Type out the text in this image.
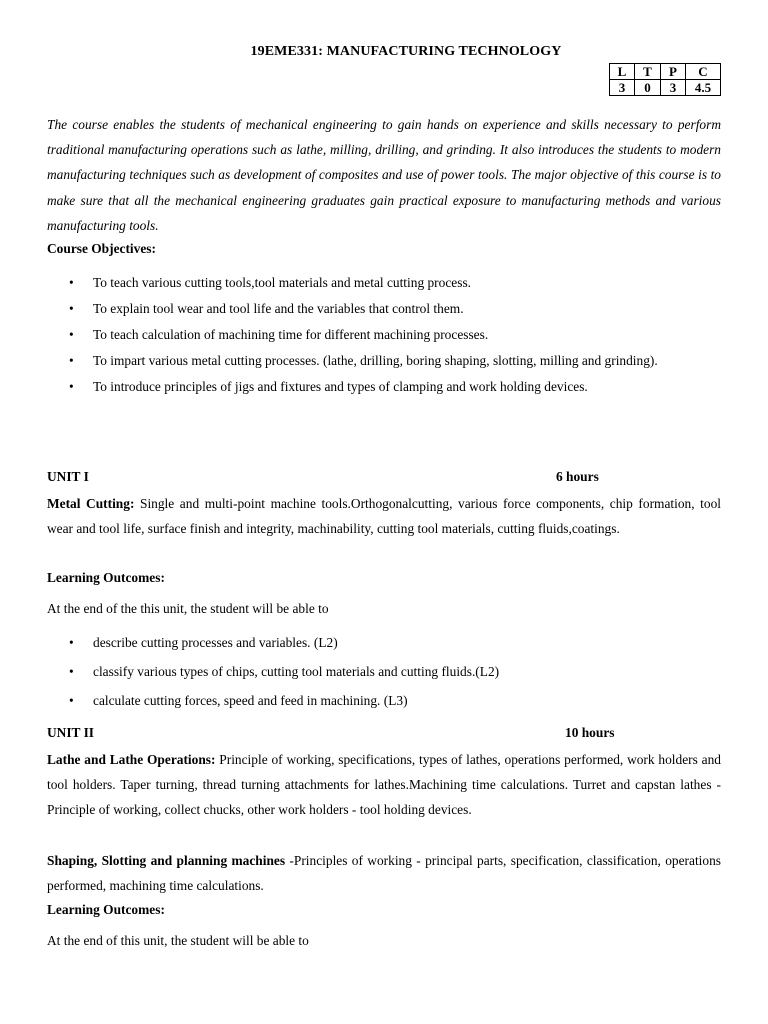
19EME331: MANUFACTURING TECHNOLOGY
L	T	P	C
3	0	3	4.5
The course enables the students of mechanical engineering to gain hands on experience and skills necessary to perform traditional manufacturing operations such as lathe, milling, drilling, and grinding. It also introduces the students to modern manufacturing techniques such as development of composites and use of power tools. The major objective of this course is to make sure that all the mechanical engineering graduates gain practical exposure to manufacturing methods and various manufacturing tools.
Course Objectives:
• To teach various cutting tools,tool materials and metal cutting process.
• To explain tool wear and tool life and the variables that control them.
• To teach calculation of machining time for different machining processes.
• To impart various metal cutting processes. (lathe, drilling, boring shaping, slotting, milling and grinding).
• To introduce principles of jigs and fixtures and types of clamping and work holding devices.
UNIT I	6 hours
Metal Cutting: Single and multi-point machine tools.Orthogonalcutting, various force components, chip formation, tool wear and tool life, surface finish and integrity, machinability, cutting tool materials, cutting fluids,coatings.
Learning Outcomes:
At the end of the this unit, the student will be able to
• describe cutting processes and variables. (L2)
• classify various types of chips, cutting tool materials and cutting fluids.(L2)
• calculate cutting forces, speed and feed in machining. (L3)
UNIT II	10 hours
Lathe and Lathe Operations: Principle of working, specifications, types of lathes, operations performed, work holders and tool holders. Taper turning, thread turning attachments for lathes.Machining time calculations. Turret and capstan lathes - Principle of working, collect chucks, other work holders - tool holding devices.
Shaping, Slotting and planning machines -Principles of working - principal parts, specification, classification, operations performed, machining time calculations.
Learning Outcomes:
At the end of this unit, the student will be able to
